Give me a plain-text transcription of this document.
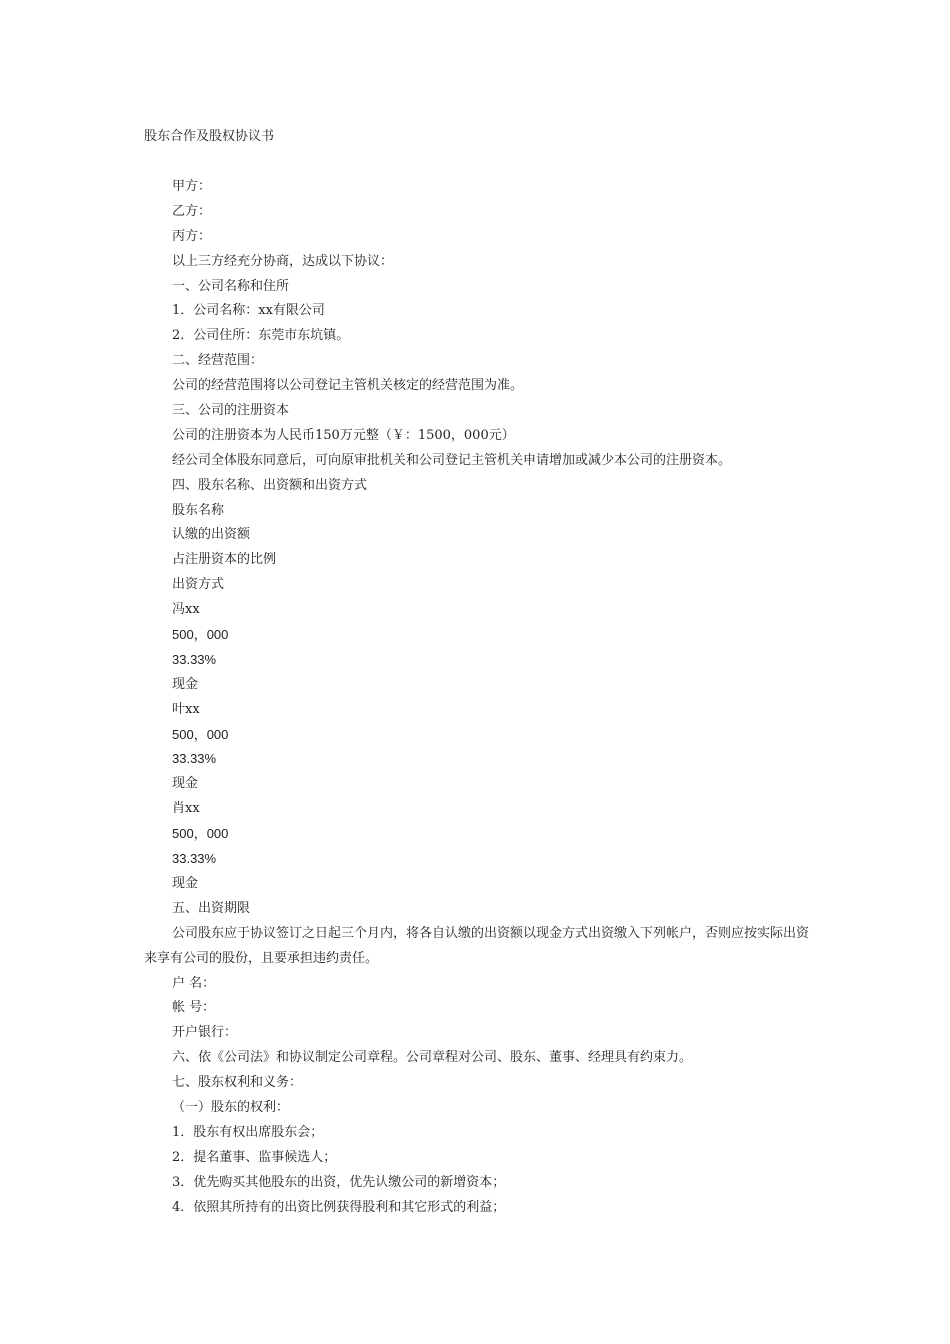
股东合作及股权协议书
甲方：
乙方：
丙方：
以上三方经充分协商，达成以下协议：
一、公司名称和住所
1．公司名称：xx有限公司
2．公司住所：东莞市东坑镇。
二、经营范围：
公司的经营范围将以公司登记主管机关核定的经营范围为准。
三、公司的注册资本
公司的注册资本为人民币150万元整（￥：1500，000元）
经公司全体股东同意后，可向原审批机关和公司登记主管机关申请增加或减少本公司的注册资本。
四、股东名称、出资额和出资方式
股东名称
认缴的出资额
占注册资本的比例
出资方式
冯xx
500，000
33.33%
现金
叶xx
500，000
33.33%
现金
肖xx
500，000
33.33%
现金
五、出资期限
公司股东应于协议签订之日起三个月内，将各自认缴的出资额以现金方式出资缴入下列帐户，否则应按实际出资来享有公司的股份，且要承担违约责任。
户 名：
帐 号：
开户银行：
六、依《公司法》和协议制定公司章程。公司章程对公司、股东、董事、经理具有约束力。
七、股东权利和义务：
（一）股东的权利：
1．股东有权出席股东会；
2．提名董事、监事候选人；
3．优先购买其他股东的出资，优先认缴公司的新增资本；
4．依照其所持有的出资比例获得股利和其它形式的利益；
